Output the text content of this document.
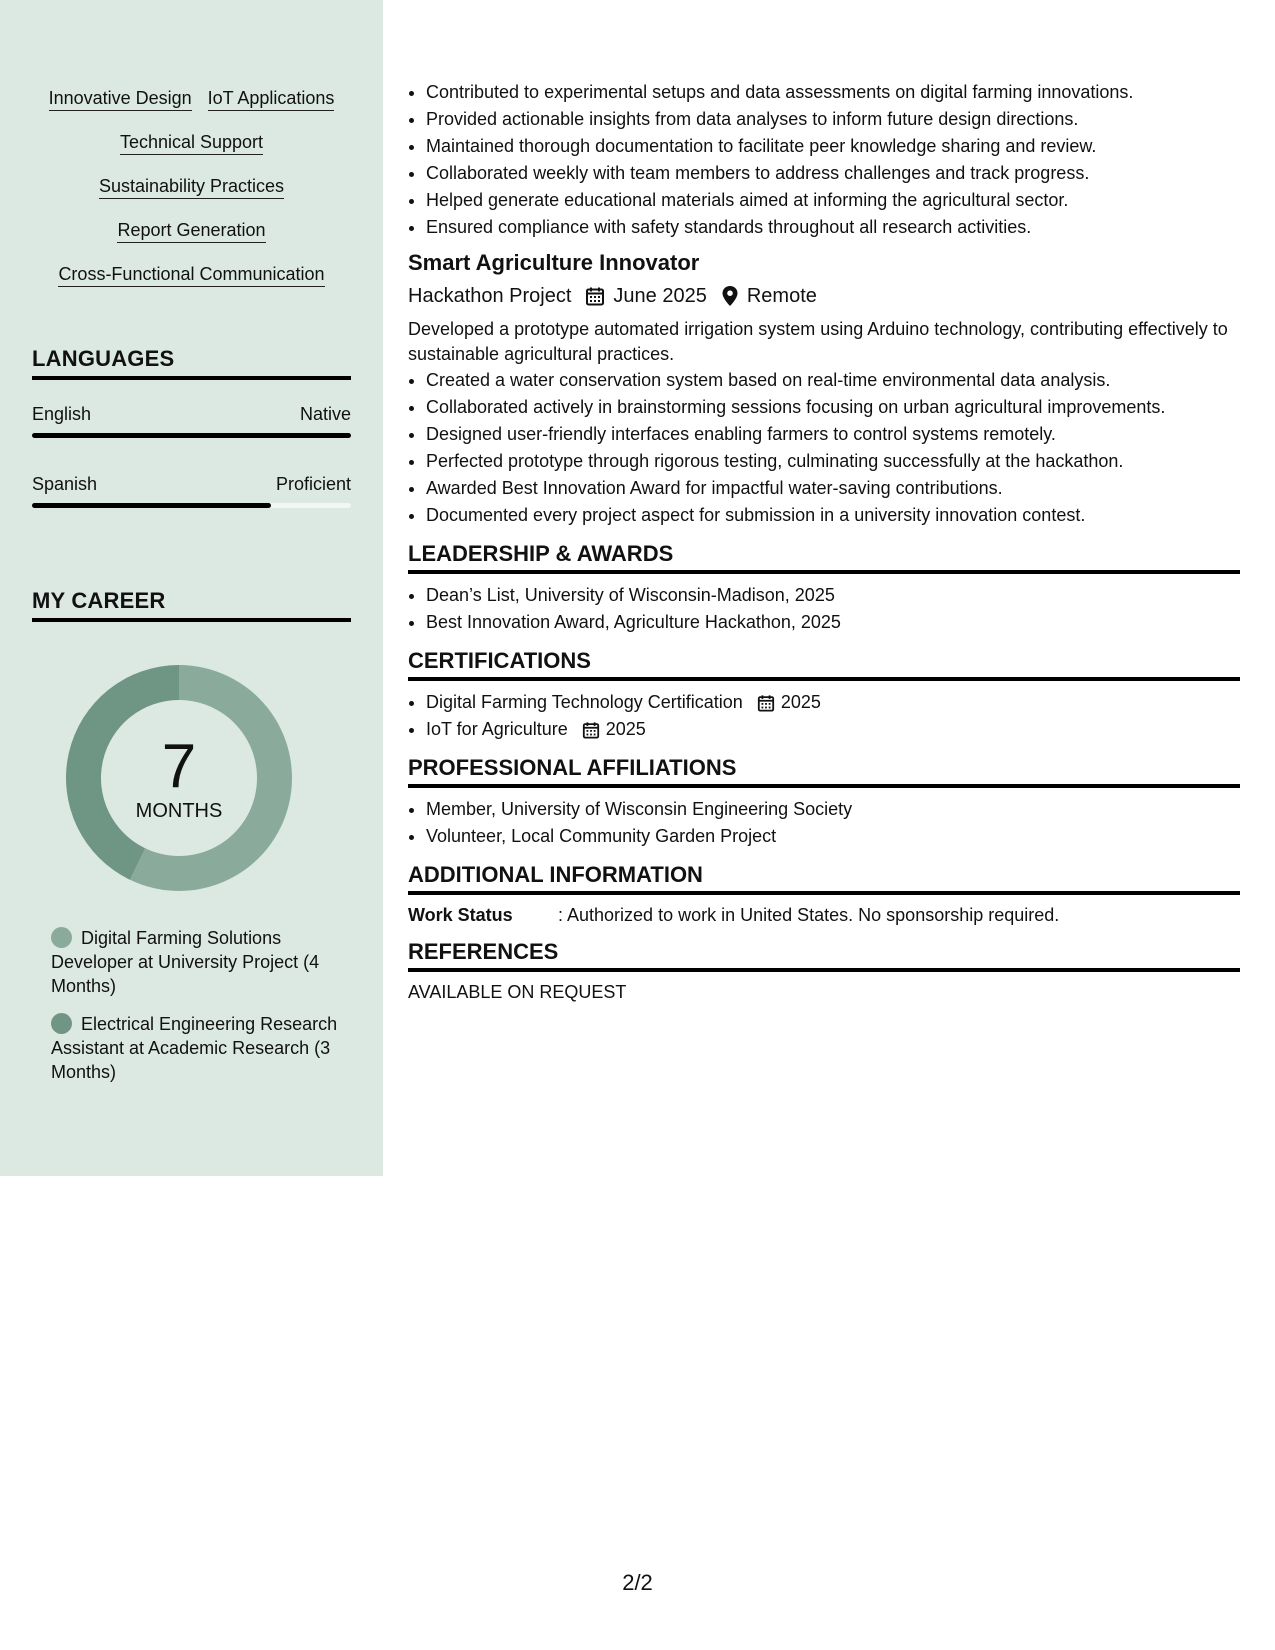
Innovative Design IoT Applications
Technical Support
Sustainability Practices
Report Generation
Cross-Functional Communication
LANGUAGES
English	Native
Spanish	Proficient
MY CAREER
7
MONTHS
Digital Farming Solutions Developer at University Project (4 Months)
Electrical Engineering Research Assistant at Academic Research (3 Months)
• Contributed to experimental setups and data assessments on digital farming innovations.
• Provided actionable insights from data analyses to inform future design directions.
• Maintained thorough documentation to facilitate peer knowledge sharing and review.
• Collaborated weekly with team members to address challenges and track progress.
• Helped generate educational materials aimed at informing the agricultural sector.
• Ensured compliance with safety standards throughout all research activities.
Smart Agriculture Innovator
Hackathon Project June 2025 Remote
Developed a prototype automated irrigation system using Arduino technology, contributing effectively to sustainable agricultural practices.
• Created a water conservation system based on real-time environmental data analysis.
• Collaborated actively in brainstorming sessions focusing on urban agricultural improvements.
• Designed user-friendly interfaces enabling farmers to control systems remotely.
• Perfected prototype through rigorous testing, culminating successfully at the hackathon.
• Awarded Best Innovation Award for impactful water-saving contributions.
• Documented every project aspect for submission in a university innovation contest.
LEADERSHIP & AWARDS
• Dean’s List, University of Wisconsin-Madison, 2025
• Best Innovation Award, Agriculture Hackathon, 2025
CERTIFICATIONS
• Digital Farming Technology Certification 2025
• IoT for Agriculture 2025
PROFESSIONAL AFFILIATIONS
• Member, University of Wisconsin Engineering Society
• Volunteer, Local Community Garden Project
ADDITIONAL INFORMATION
Work Status	: Authorized to work in United States. No sponsorship required.
REFERENCES
AVAILABLE ON REQUEST
2/2
